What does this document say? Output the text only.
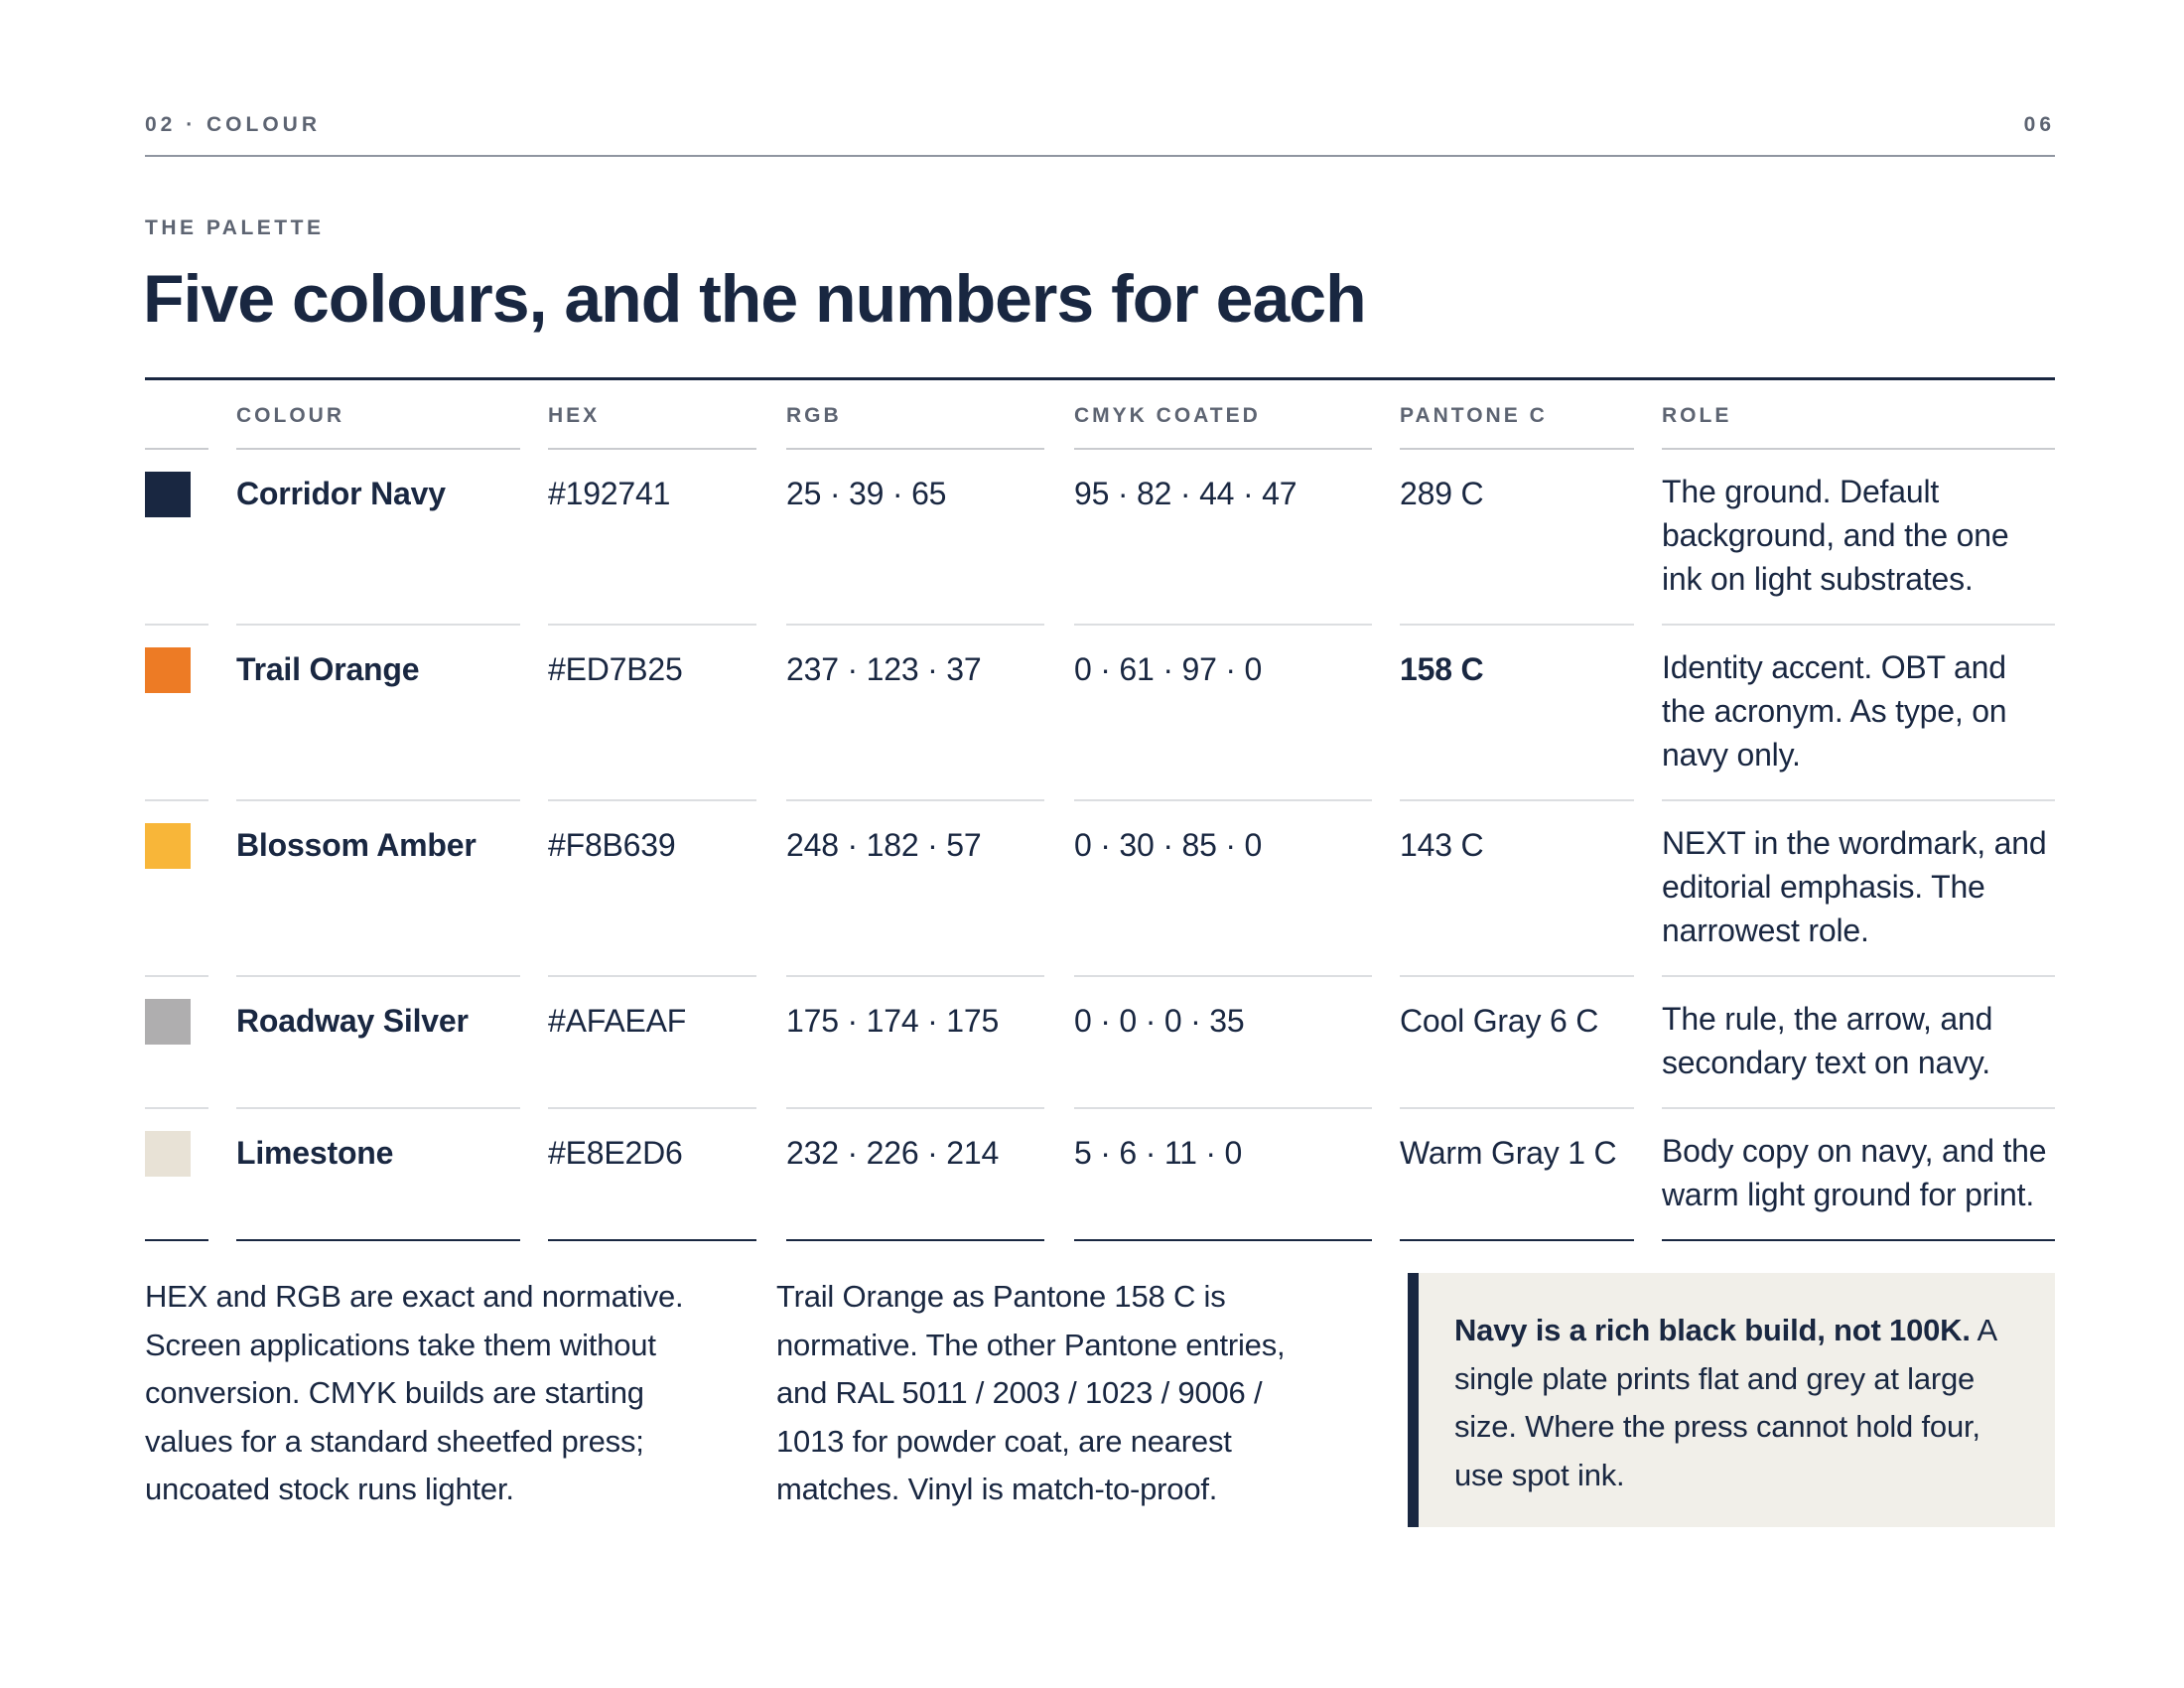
02 · COLOUR	06
THE PALETTE
Five colours, and the numbers for each
COLOUR	HEX	RGB	CMYK COATED	PANTONE C	ROLE
Corridor Navy	#192741	25 · 39 · 65	95 · 82 · 44 · 47	289 C	The ground. Default background, and the one ink on light substrates.
Trail Orange	#ED7B25	237 · 123 · 37	0 · 61 · 97 · 0	158 C	Identity accent. OBT and the acronym. As type, on navy only.
Blossom Amber	#F8B639	248 · 182 · 57	0 · 30 · 85 · 0	143 C	NEXT in the wordmark, and editorial emphasis. The narrowest role.
Roadway Silver	#AFAEAF	175 · 174 · 175	0 · 0 · 0 · 35	Cool Gray 6 C	The rule, the arrow, and secondary text on navy.
Limestone	#E8E2D6	232 · 226 · 214	5 · 6 · 11 · 0	Warm Gray 1 C	Body copy on navy, and the warm light ground for print.

HEX and RGB are exact and normative. Screen applications take them without conversion. CMYK builds are starting values for a standard sheetfed press; uncoated stock runs lighter.

Trail Orange as Pantone 158 C is normative. The other Pantone entries, and RAL 5011 / 2003 / 1023 / 9006 / 1013 for powder coat, are nearest matches. Vinyl is match-to-proof.

Navy is a rich black build, not 100K. A single plate prints flat and grey at large size. Where the press cannot hold four, use spot ink.
